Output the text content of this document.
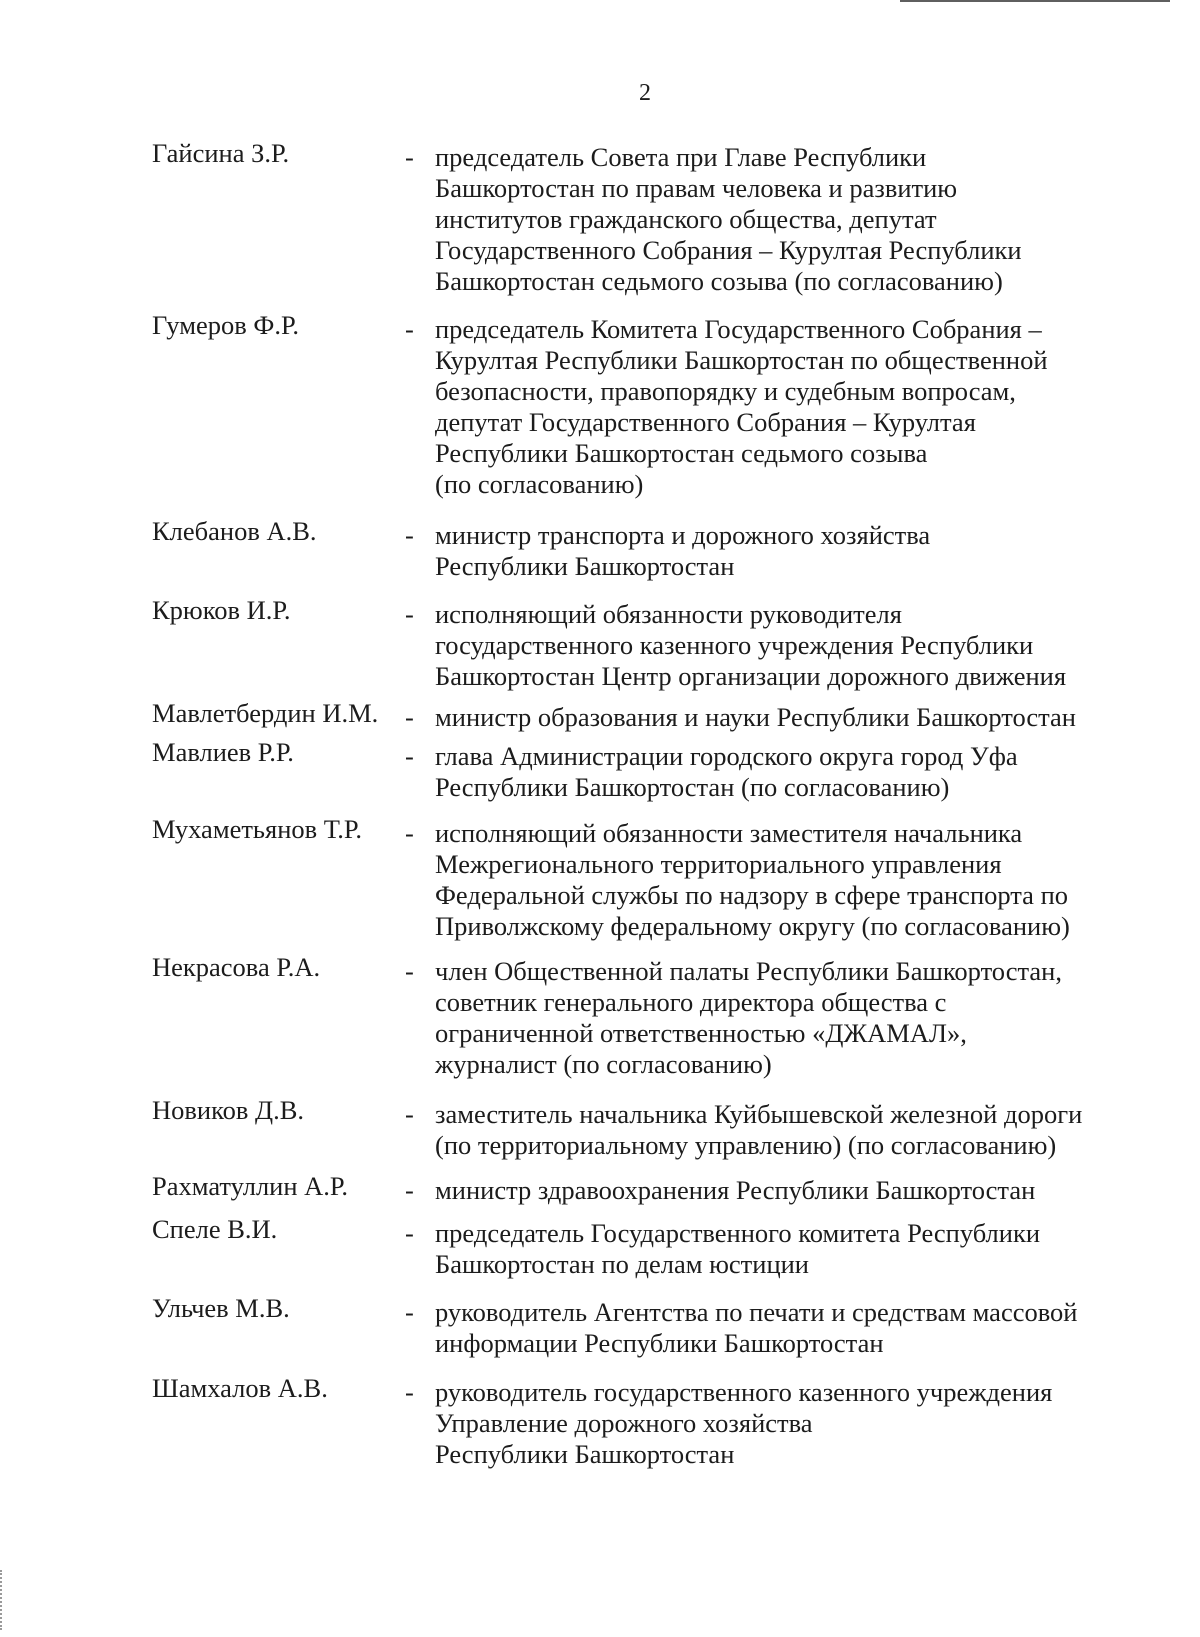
2
Гайсина З.Р.	- председатель Совета при Главе Республики
Башкортостан по правам человека и развитию
институтов гражданского общества, депутат
Государственного Собрания – Курултая Республики
Башкортостан седьмого созыва (по согласованию)
Гумеров Ф.Р.	- председатель Комитета Государственного Собрания –
Курултая Республики Башкортостан по общественной
безопасности, правопорядку и судебным вопросам,
депутат Государственного Собрания – Курултая
Республики Башкортостан седьмого созыва
(по согласованию)
Клебанов А.В.	- министр транспорта и дорожного хозяйства
Республики Башкортостан
Крюков И.Р.	- исполняющий обязанности руководителя
государственного казенного учреждения Республики
Башкортостан Центр организации дорожного движения
Мавлетбердин И.М.	- министр образования и науки Республики Башкортостан
Мавлиев Р.Р.	- глава Администрации городского округа город Уфа
Республики Башкортостан (по согласованию)
Мухаметьянов Т.Р.	- исполняющий обязанности заместителя начальника
Межрегионального территориального управления
Федеральной службы по надзору в сфере транспорта по
Приволжскому федеральному округу (по согласованию)
Некрасова Р.А.	- член Общественной палаты Республики Башкортостан,
советник генерального директора общества с
ограниченной ответственностью «ДЖАМАЛ»,
журналист (по согласованию)
Новиков Д.В.	- заместитель начальника Куйбышевской железной дороги
(по территориальному управлению) (по согласованию)
Рахматуллин А.Р.	- министр здравоохранения Республики Башкортостан
Спеле В.И.	- председатель Государственного комитета Республики
Башкортостан по делам юстиции
Ульчев М.В.	- руководитель Агентства по печати и средствам массовой
информации Республики Башкортостан
Шамхалов А.В.	- руководитель государственного казенного учреждения
Управление дорожного хозяйства
Республики Башкортостан
